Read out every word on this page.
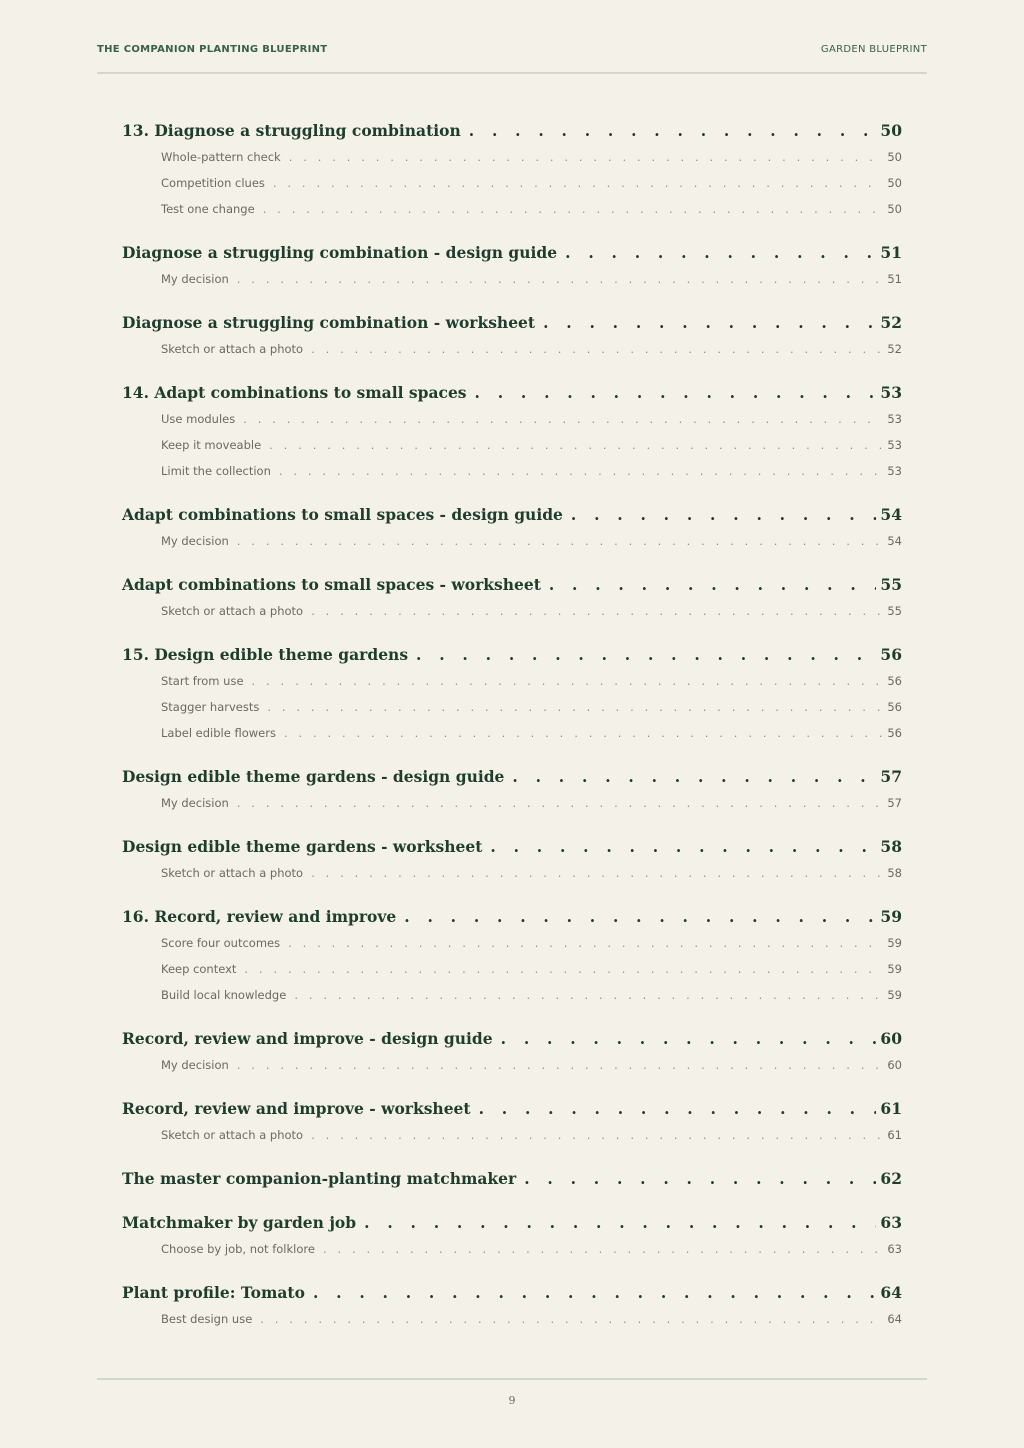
THE COMPANION PLANTING BLUEPRINT	GARDEN BLUEPRINT
13. Diagnose a struggling combination . . .	50
Whole-pattern check . . .	50
Competition clues . . .	50
Test one change . . .	50
Diagnose a struggling combination - design guide . . .	51
My decision . . .	51
Diagnose a struggling combination - worksheet . . .	52
Sketch or attach a photo . . .	52
14. Adapt combinations to small spaces . . .	53
Use modules . . .	53
Keep it moveable . . .	53
Limit the collection . . .	53
Adapt combinations to small spaces - design guide . . .	54
My decision . . .	54
Adapt combinations to small spaces - worksheet . . .	55
Sketch or attach a photo . . .	55
15. Design edible theme gardens . . .	56
Start from use . . .	56
Stagger harvests . . .	56
Label edible flowers . . .	56
Design edible theme gardens - design guide . . .	57
My decision . . .	57
Design edible theme gardens - worksheet . . .	58
Sketch or attach a photo . . .	58
16. Record, review and improve . . .	59
Score four outcomes . . .	59
Keep context . . .	59
Build local knowledge . . .	59
Record, review and improve - design guide . . .	60
My decision . . .	60
Record, review and improve - worksheet . . .	61
Sketch or attach a photo . . .	61
The master companion-planting matchmaker . . .	62
Matchmaker by garden job . . .	63
Choose by job, not folklore . . .	63
Plant profile: Tomato . . .	64
Best design use . . .	64
9
